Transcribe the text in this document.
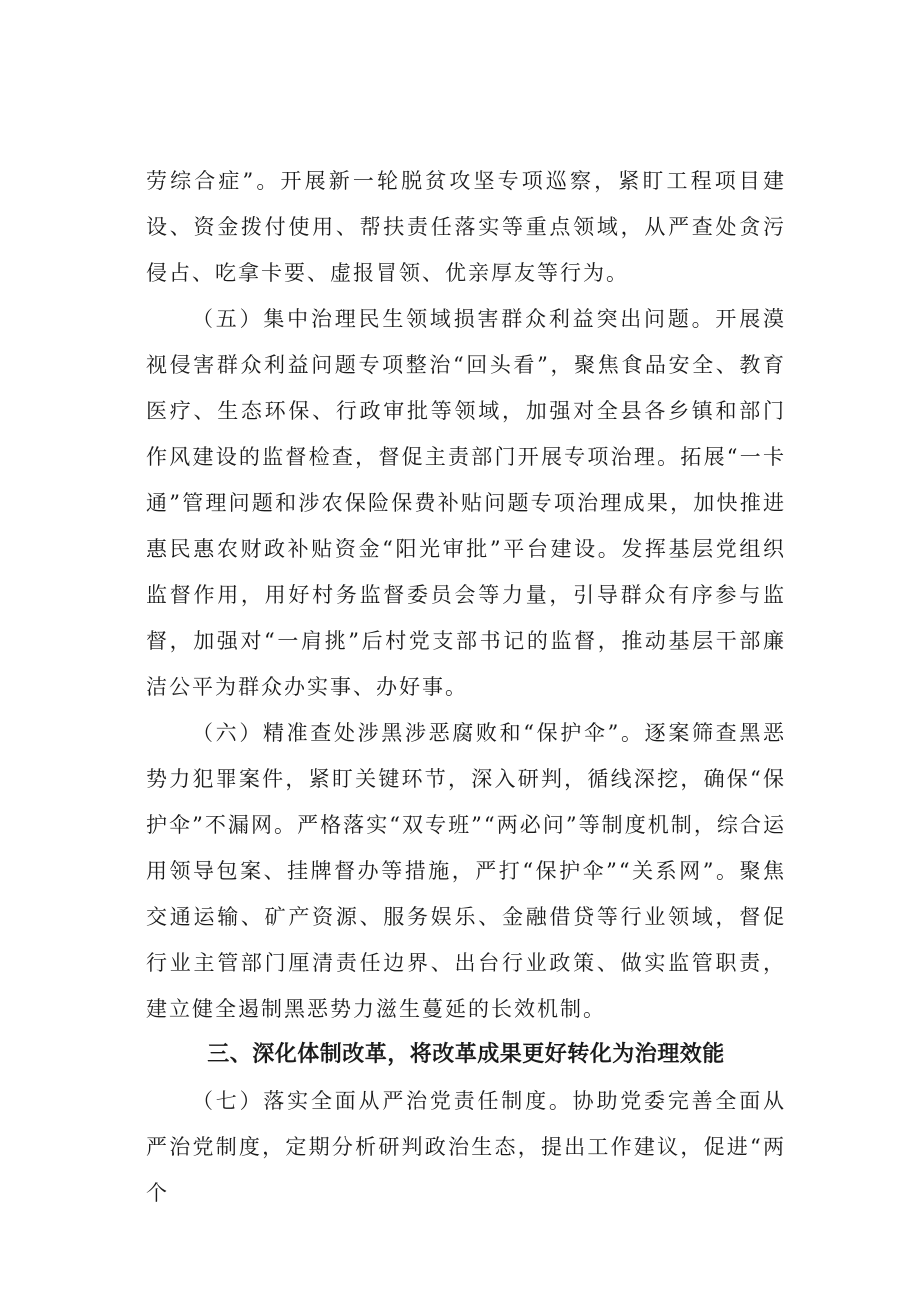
劳综合症”。开展新一轮脱贫攻坚专项巡察，紧盯工程项目建设、资金拨付使用、帮扶责任落实等重点领域，从严查处贪污侵占、吃拿卡要、虚报冒领、优亲厚友等行为。

（五）集中治理民生领域损害群众利益突出问题。开展漠视侵害群众利益问题专项整治“回头看”，聚焦食品安全、教育医疗、生态环保、行政审批等领域，加强对全县各乡镇和部门作风建设的监督检查，督促主责部门开展专项治理。拓展“一卡通”管理问题和涉农保险保费补贴问题专项治理成果，加快推进惠民惠农财政补贴资金“阳光审批”平台建设。发挥基层党组织监督作用，用好村务监督委员会等力量，引导群众有序参与监督，加强对“一肩挑”后村党支部书记的监督，推动基层干部廉洁公平为群众办实事、办好事。

（六）精准查处涉黑涉恶腐败和“保护伞”。逐案筛查黑恶势力犯罪案件，紧盯关键环节，深入研判，循线深挖，确保“保护伞”不漏网。严格落实“双专班”“两必问”等制度机制，综合运用领导包案、挂牌督办等措施，严打“保护伞”“关系网”。聚焦交通运输、矿产资源、服务娱乐、金融借贷等行业领域，督促行业主管部门厘清责任边界、出台行业政策、做实监管职责，建立健全遏制黑恶势力滋生蔓延的长效机制。

三、深化体制改革，将改革成果更好转化为治理效能

（七）落实全面从严治党责任制度。协助党委完善全面从严治党制度，定期分析研判政治生态，提出工作建议，促进“两个
